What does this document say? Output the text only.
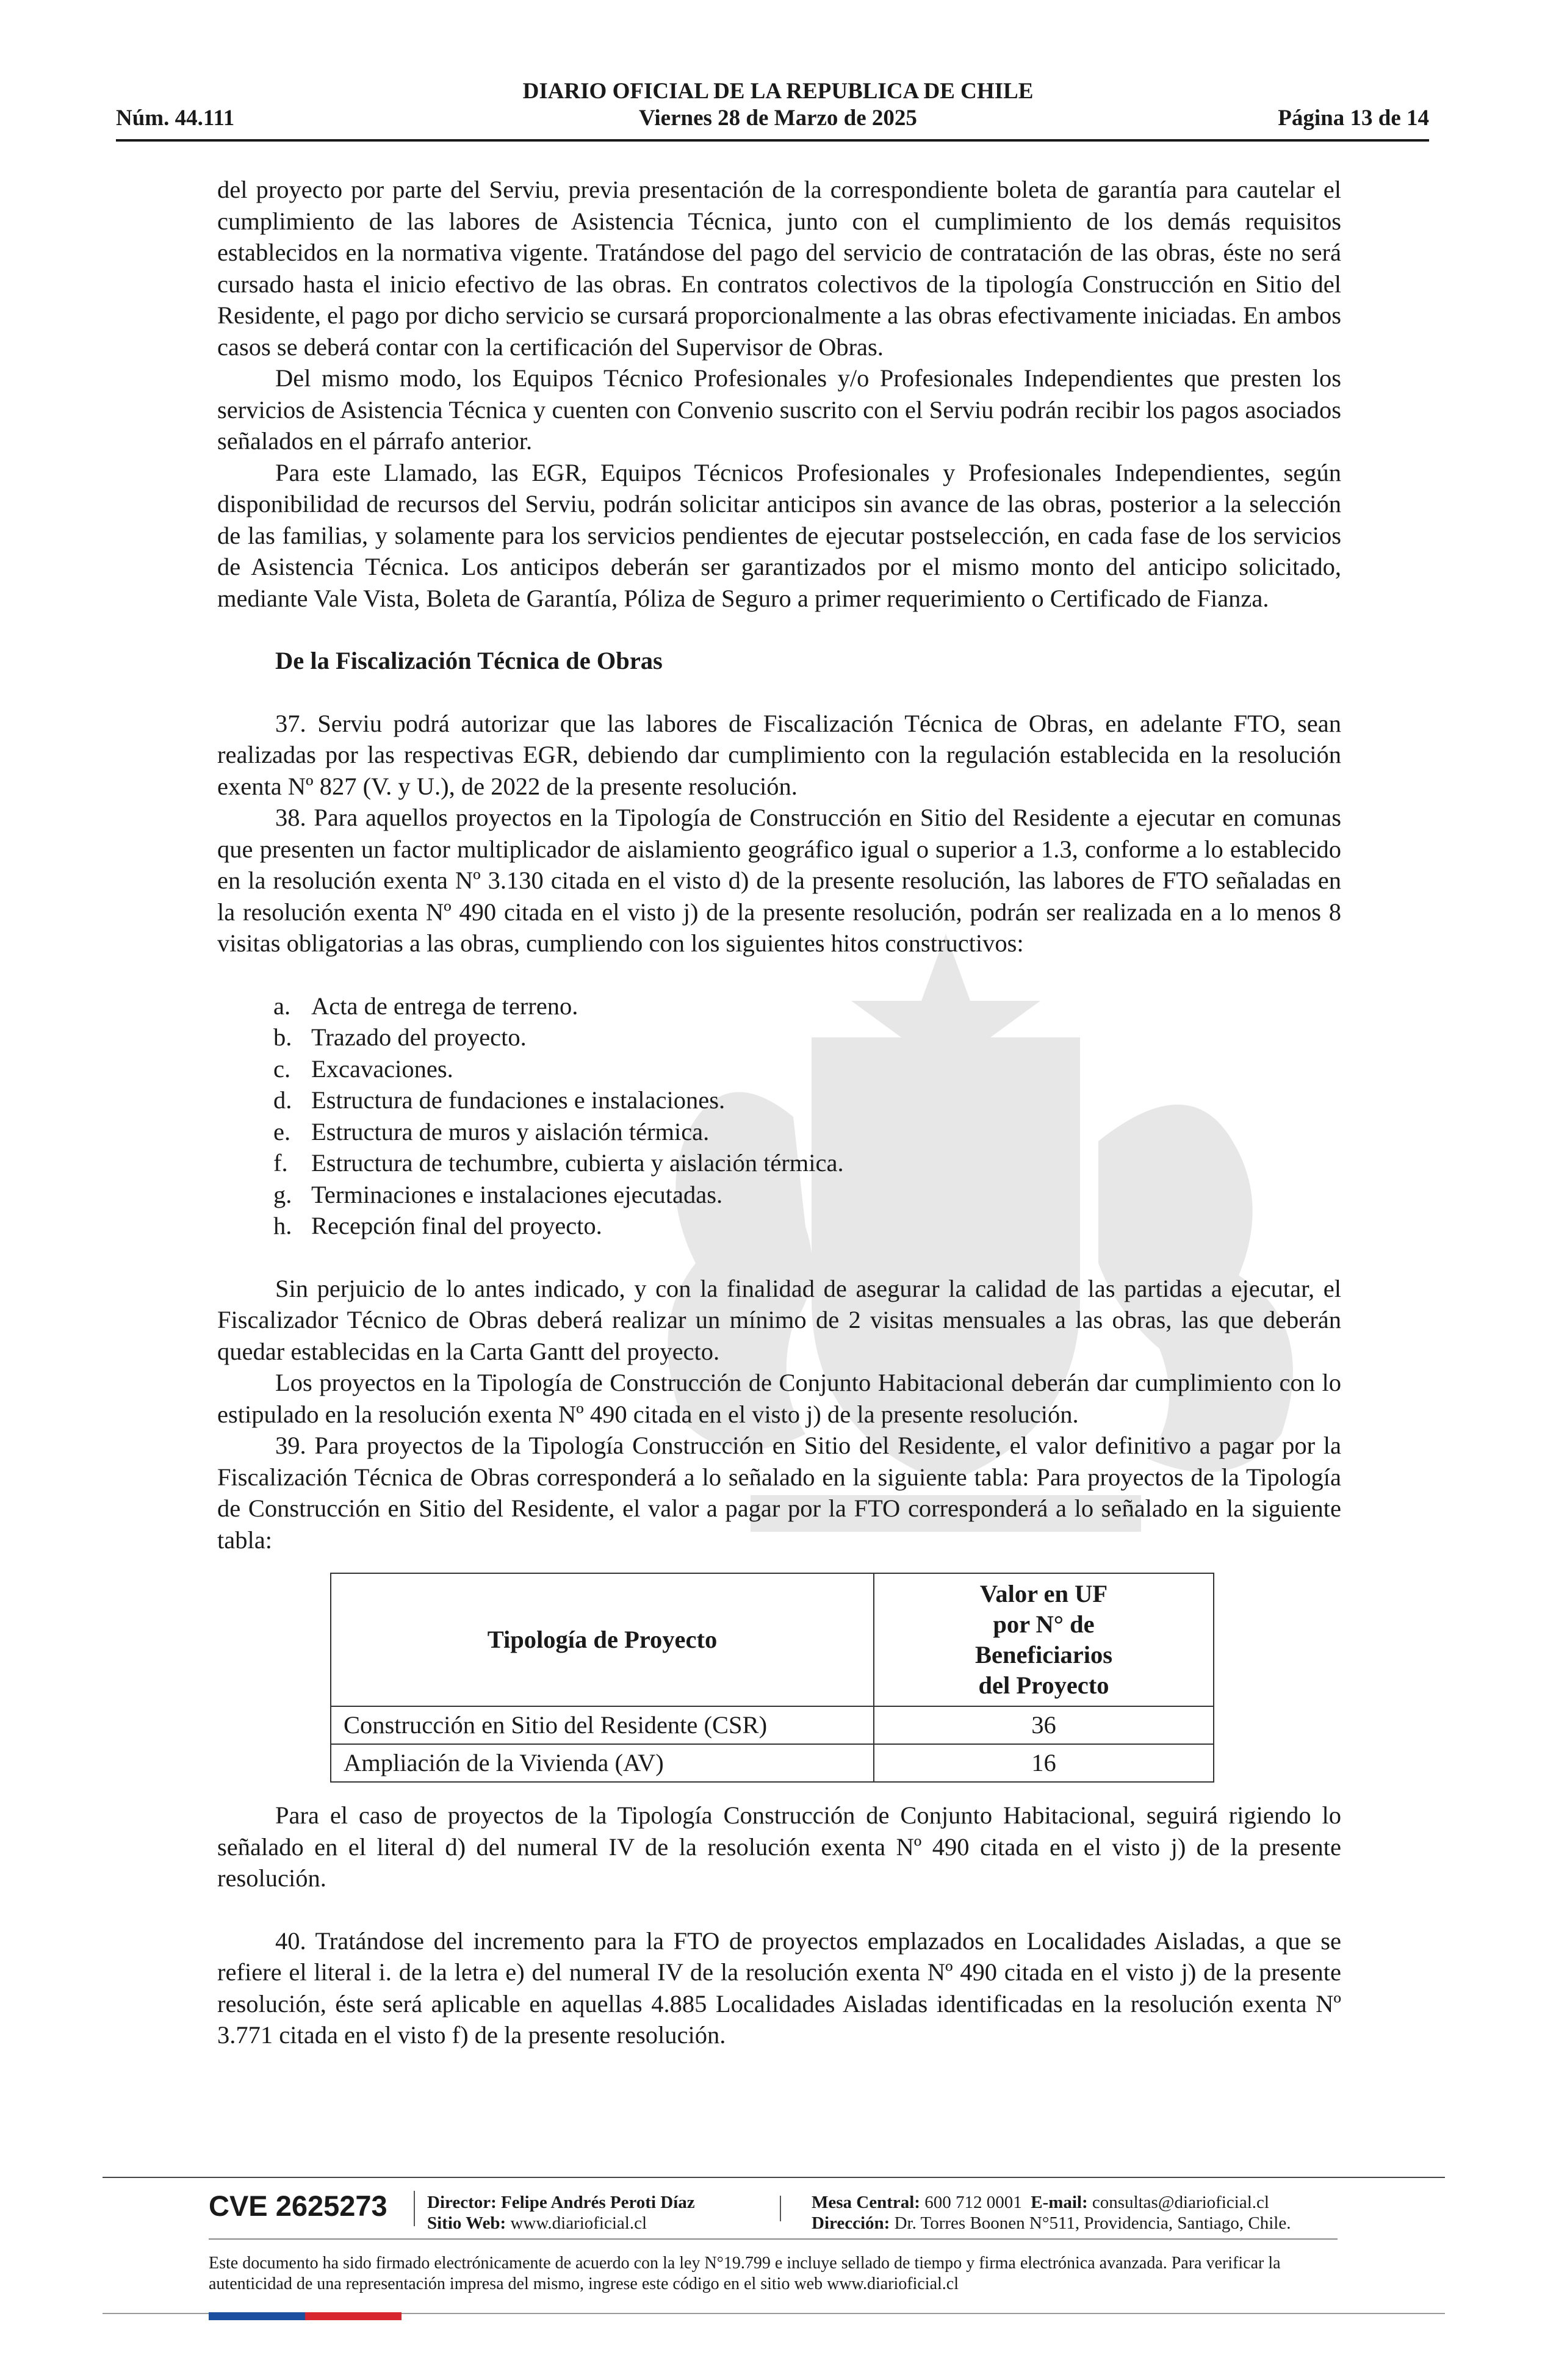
DIARIO OFICIAL DE LA REPUBLICA DE CHILE
Núm. 44.111	Viernes 28 de Marzo de 2025	Página 13 de 14

del proyecto por parte del Serviu, previa presentación de la correspondiente boleta de garantía para cautelar el cumplimiento de las labores de Asistencia Técnica, junto con el cumplimiento de los demás requisitos establecidos en la normativa vigente. Tratándose del pago del servicio de contratación de las obras, éste no será cursado hasta el inicio efectivo de las obras. En contratos colectivos de la tipología Construcción en Sitio del Residente, el pago por dicho servicio se cursará proporcionalmente a las obras efectivamente iniciadas. En ambos casos se deberá contar con la certificación del Supervisor de Obras.

Del mismo modo, los Equipos Técnico Profesionales y/o Profesionales Independientes que presten los servicios de Asistencia Técnica y cuenten con Convenio suscrito con el Serviu podrán recibir los pagos asociados señalados en el párrafo anterior.

Para este Llamado, las EGR, Equipos Técnicos Profesionales y Profesionales Independientes, según disponibilidad de recursos del Serviu, podrán solicitar anticipos sin avance de las obras, posterior a la selección de las familias, y solamente para los servicios pendientes de ejecutar postselección, en cada fase de los servicios de Asistencia Técnica. Los anticipos deberán ser garantizados por el mismo monto del anticipo solicitado, mediante Vale Vista, Boleta de Garantía, Póliza de Seguro a primer requerimiento o Certificado de Fianza.

De la Fiscalización Técnica de Obras

37. Serviu podrá autorizar que las labores de Fiscalización Técnica de Obras, en adelante FTO, sean realizadas por las respectivas EGR, debiendo dar cumplimiento con la regulación establecida en la resolución exenta Nº 827 (V. y U.), de 2022 de la presente resolución.

38. Para aquellos proyectos en la Tipología de Construcción en Sitio del Residente a ejecutar en comunas que presenten un factor multiplicador de aislamiento geográfico igual o superior a 1.3, conforme a lo establecido en la resolución exenta Nº 3.130 citada en el visto d) de la presente resolución, las labores de FTO señaladas en la resolución exenta Nº 490 citada en el visto j) de la presente resolución, podrán ser realizada en a lo menos 8 visitas obligatorias a las obras, cumpliendo con los siguientes hitos constructivos:

a. Acta de entrega de terreno.
b. Trazado del proyecto.
c. Excavaciones.
d. Estructura de fundaciones e instalaciones.
e. Estructura de muros y aislación térmica.
f. Estructura de techumbre, cubierta y aislación térmica.
g. Terminaciones e instalaciones ejecutadas.
h. Recepción final del proyecto.

Sin perjuicio de lo antes indicado, y con la finalidad de asegurar la calidad de las partidas a ejecutar, el Fiscalizador Técnico de Obras deberá realizar un mínimo de 2 visitas mensuales a las obras, las que deberán quedar establecidas en la Carta Gantt del proyecto.

Los proyectos en la Tipología de Construcción de Conjunto Habitacional deberán dar cumplimiento con lo estipulado en la resolución exenta Nº 490 citada en el visto j) de la presente resolución.

39. Para proyectos de la Tipología Construcción en Sitio del Residente, el valor definitivo a pagar por la Fiscalización Técnica de Obras corresponderá a lo señalado en la siguiente tabla: Para proyectos de la Tipología de Construcción en Sitio del Residente, el valor a pagar por la FTO corresponderá a lo señalado en la siguiente tabla:

Tipología de Proyecto	Valor en UF
por N° de
Beneficiarios
del Proyecto

Construcción en Sitio del Residente (CSR)	36
Ampliación de la Vivienda (AV)	16

Para el caso de proyectos de la Tipología Construcción de Conjunto Habitacional, seguirá rigiendo lo señalado en el literal d) del numeral IV de la resolución exenta Nº 490 citada en el visto j) de la presente resolución.

40. Tratándose del incremento para la FTO de proyectos emplazados en Localidades Aisladas, a que se refiere el literal i. de la letra e) del numeral IV de la resolución exenta Nº 490 citada en el visto j) de la presente resolución, éste será aplicable en aquellas 4.885 Localidades Aisladas identificadas en la resolución exenta Nº 3.771 citada en el visto f) de la presente resolución.

CVE 2625273 Director: Felipe Andrés Peroti Díaz
Sitio Web: www.diarioficial.cl
Mesa Central: 600 712 0001 E-mail: consultas@diarioficial.cl
Dirección: Dr. Torres Boonen N°511, Providencia, Santiago, Chile.
Este documento ha sido firmado electrónicamente de acuerdo con la ley N°19.799 e incluye sellado de tiempo y firma electrónica avanzada. Para verificar la autenticidad de una representación impresa del mismo, ingrese este código en el sitio web www.diarioficial.cl
